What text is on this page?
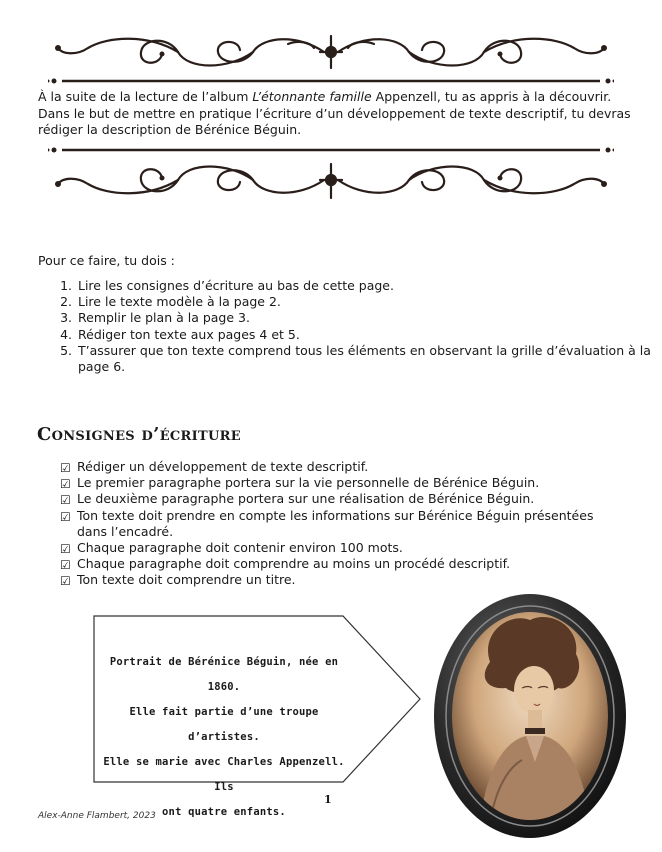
À la suite de la lecture de l’album L’étonnante famille Appenzell, tu as appris à la découvrir. Dans le but de mettre en pratique l’écriture d’un développement de texte descriptif, tu devras rédiger la description de Bérénice Béguin.
Pour ce faire, tu dois :
1. Lire les consignes d’écriture au bas de cette page.
2. Lire le texte modèle à la page 2.
3. Remplir le plan à la page 3.
4. Rédiger ton texte aux pages 4 et 5.
5. T’assurer que ton texte comprend tous les éléments en observant la grille d’évaluation à la page 6.
Consignes d’écriture
☑ Rédiger un développement de texte descriptif.
☑ Le premier paragraphe portera sur la vie personnelle de Bérénice Béguin.
☑ Le deuxième paragraphe portera sur une réalisation de Bérénice Béguin.
☑ Ton texte doit prendre en compte les informations sur Bérénice Béguin présentées dans l’encadré.
☑ Chaque paragraphe doit contenir environ 100 mots.
☑ Chaque paragraphe doit comprendre au moins un procédé descriptif.
☑ Ton texte doit comprendre un titre.
Portrait de Bérénice Béguin, née en 1860.
Elle fait partie d’une troupe d’artistes.
Elle se marie avec Charles Appenzell. Ils
ont quatre enfants.
1
Alex-Anne Flambert, 2023
